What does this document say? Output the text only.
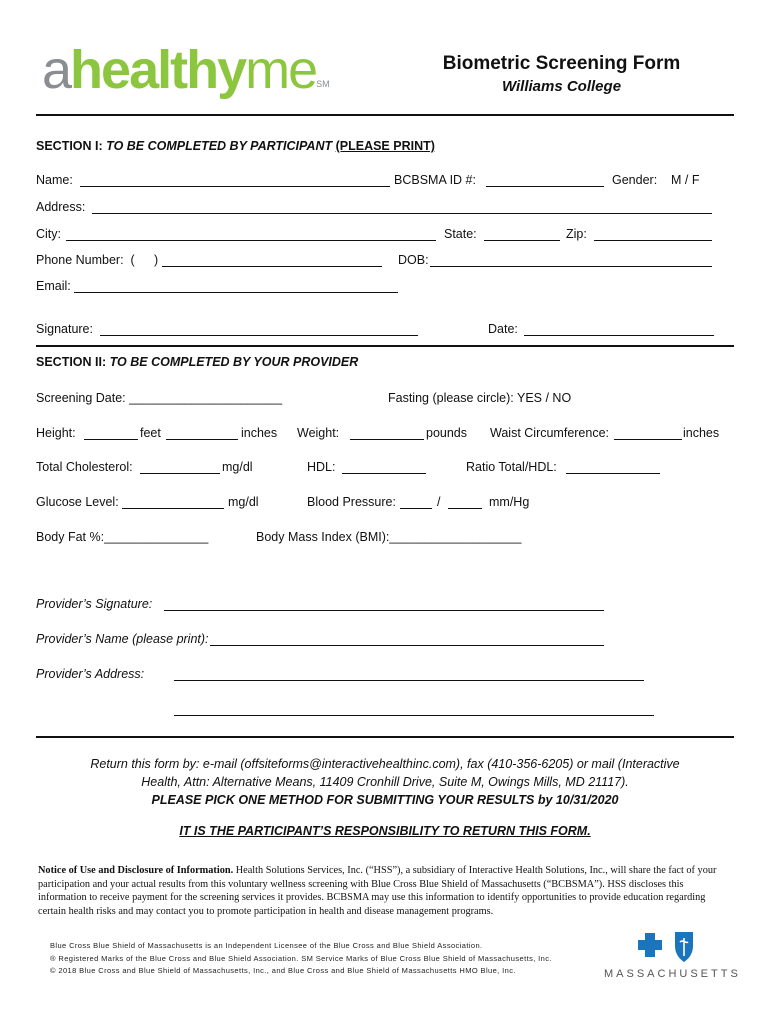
ahealthyme℠
Biometric Screening Form
Williams College
SECTION I: TO BE COMPLETED BY PARTICIPANT (PLEASE PRINT)
Name:	BCBSMA ID #:	Gender: M / F
Address:
City:	State:	Zip:
Phone Number: ( )	DOB:
Email:
Signature:	Date:
SECTION II: TO BE COMPLETED BY YOUR PROVIDER
Screening Date: ______________________	Fasting (please circle): YES / NO
Height:	feet	inches Weight:	pounds Waist Circumference:	inches
Total Cholesterol:	mg/dl	HDL:	Ratio Total/HDL:
Glucose Level:	mg/dl	Blood Pressure:	/	mm/Hg
Body Fat %:_______________	Body Mass Index (BMI):___________________
Provider’s Signature:
Provider’s Name (please print):
Provider’s Address:
Return this form by: e-mail (offsiteforms@interactivehealthinc.com), fax (410-356-6205) or mail (Interactive
Health, Attn: Alternative Means, 11409 Cronhill Drive, Suite M, Owings Mills, MD 21117).
PLEASE PICK ONE METHOD FOR SUBMITTING YOUR RESULTS by 10/31/2020
IT IS THE PARTICIPANT’S RESPONSIBILITY TO RETURN THIS FORM.
Notice of Use and Disclosure of Information. Health Solutions Services, Inc. (“HSS”), a subsidiary of Interactive Health Solutions, Inc., will share the fact of your participation and your actual results from this voluntary wellness screening with Blue Cross Blue Shield of Massachusetts (“BCBSMA”). HSS discloses this information to receive payment for the screening services it provides. BCBSMA may use this information to identify opportunities to provide education regarding certain health risks and may contact you to promote participation in health and disease management programs.
Blue Cross Blue Shield of Massachusetts is an Independent Licensee of the Blue Cross and Blue Shield Association.
® Registered Marks of the Blue Cross and Blue Shield Association. SM Service Marks of Blue Cross Blue Shield of Massachusetts, Inc.
© 2018 Blue Cross and Blue Shield of Massachusetts, Inc., and Blue Cross and Blue Shield of Massachusetts HMO Blue, Inc.	MASSACHUSETTS
